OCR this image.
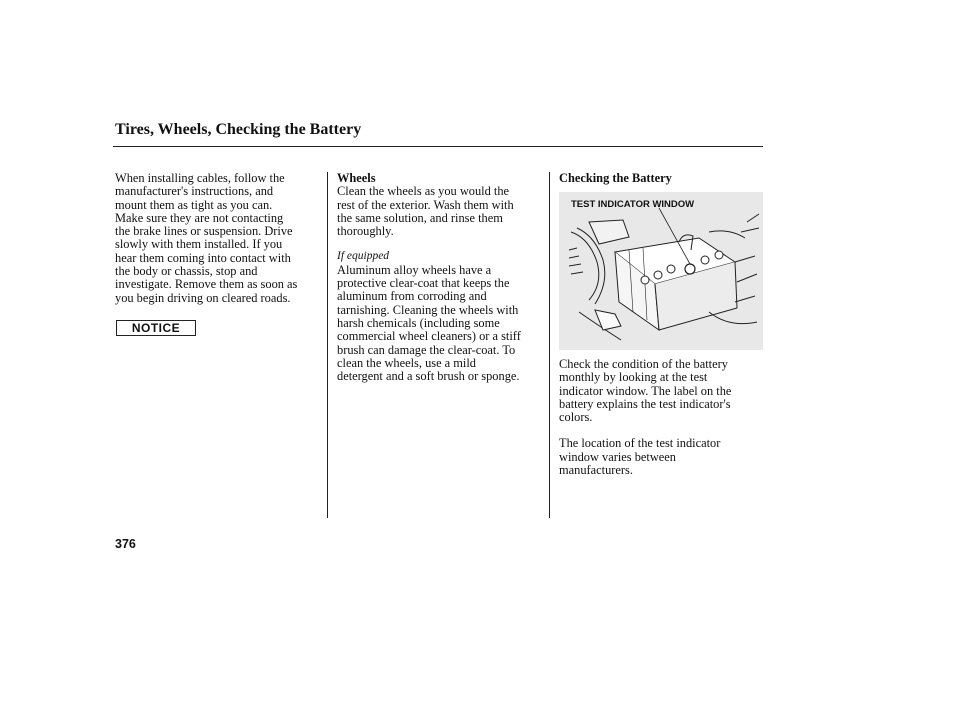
Tires, Wheels, Checking the Battery

When installing cables, follow the
manufacturer's instructions, and
mount them as tight as you can.
Make sure they are not contacting
the brake lines or suspension. Drive
slowly with them installed. If you
hear them coming into contact with
the body or chassis, stop and
investigate. Remove them as soon as
you begin driving on cleared roads.

NOTICE

Wheels

Clean the wheels as you would the
rest of the exterior. Wash them with
the same solution, and rinse them
thoroughly.

If equipped

Aluminum alloy wheels have a
protective clear-coat that keeps the
aluminum from corroding and
tarnishing. Cleaning the wheels with
harsh chemicals (including some
commercial wheel cleaners) or a stiff
brush can damage the clear-coat. To
clean the wheels, use a mild
detergent and a soft brush or sponge.

Checking the Battery

TEST INDICATOR WINDOW

Check the condition of the battery
monthly by looking at the test
indicator window. The label on the
battery explains the test indicator's
colors.

The location of the test indicator
window varies between
manufacturers.

376
